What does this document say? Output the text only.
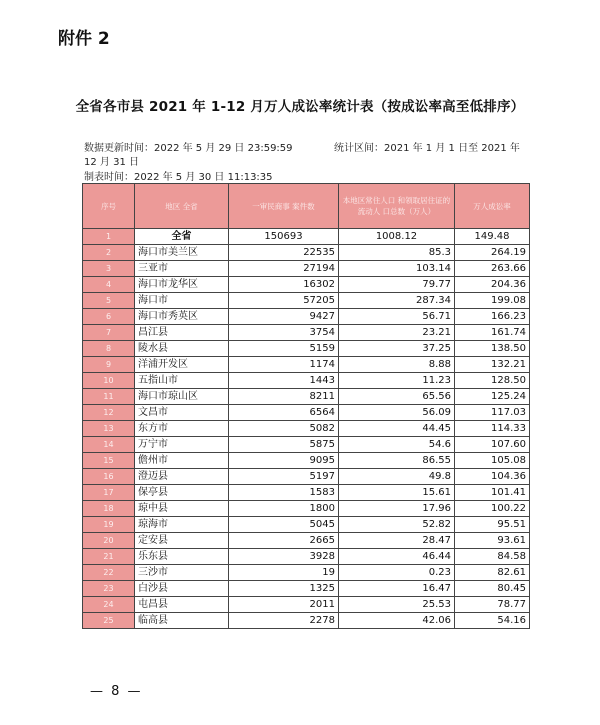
附件 2
全省各市县 2021 年 1-12 月万人成讼率统计表（按成讼率高至低排序）
数据更新时间：2022 年 5 月 29 日 23:59:59
12 月 31 日
统计区间：2021 年 1 月 1 日至 2021 年
制表时间：2022 年 5 月 30 日 11:13:35
序号	地区 全省	一审民商事 案件数	本地区常住人口 和领取居住证的流动人 口总数（万人）	万人成讼率
1	全省	150693	1008.12	149.48
2	海口市美兰区	22535	85.3	264.19
3	三亚市	27194	103.14	263.66
4	海口市龙华区	16302	79.77	204.36
5	海口市	57205	287.34	199.08
6	海口市秀英区	9427	56.71	166.23
7	昌江县	3754	23.21	161.74
8	陵水县	5159	37.25	138.50
9	洋浦开发区	1174	8.88	132.21
10	五指山市	1443	11.23	128.50
11	海口市琼山区	8211	65.56	125.24
12	文昌市	6564	56.09	117.03
13	东方市	5082	44.45	114.33
14	万宁市	5875	54.6	107.60
15	儋州市	9095	86.55	105.08
16	澄迈县	5197	49.8	104.36
17	保亭县	1583	15.61	101.41
18	琼中县	1800	17.96	100.22
19	琼海市	5045	52.82	95.51
20	定安县	2665	28.47	93.61
21	乐东县	3928	46.44	84.58
22	三沙市	19	0.23	82.61
23	白沙县	1325	16.47	80.45
24	屯昌县	2011	25.53	78.77
25	临高县	2278	42.06	54.16
— 8 —
